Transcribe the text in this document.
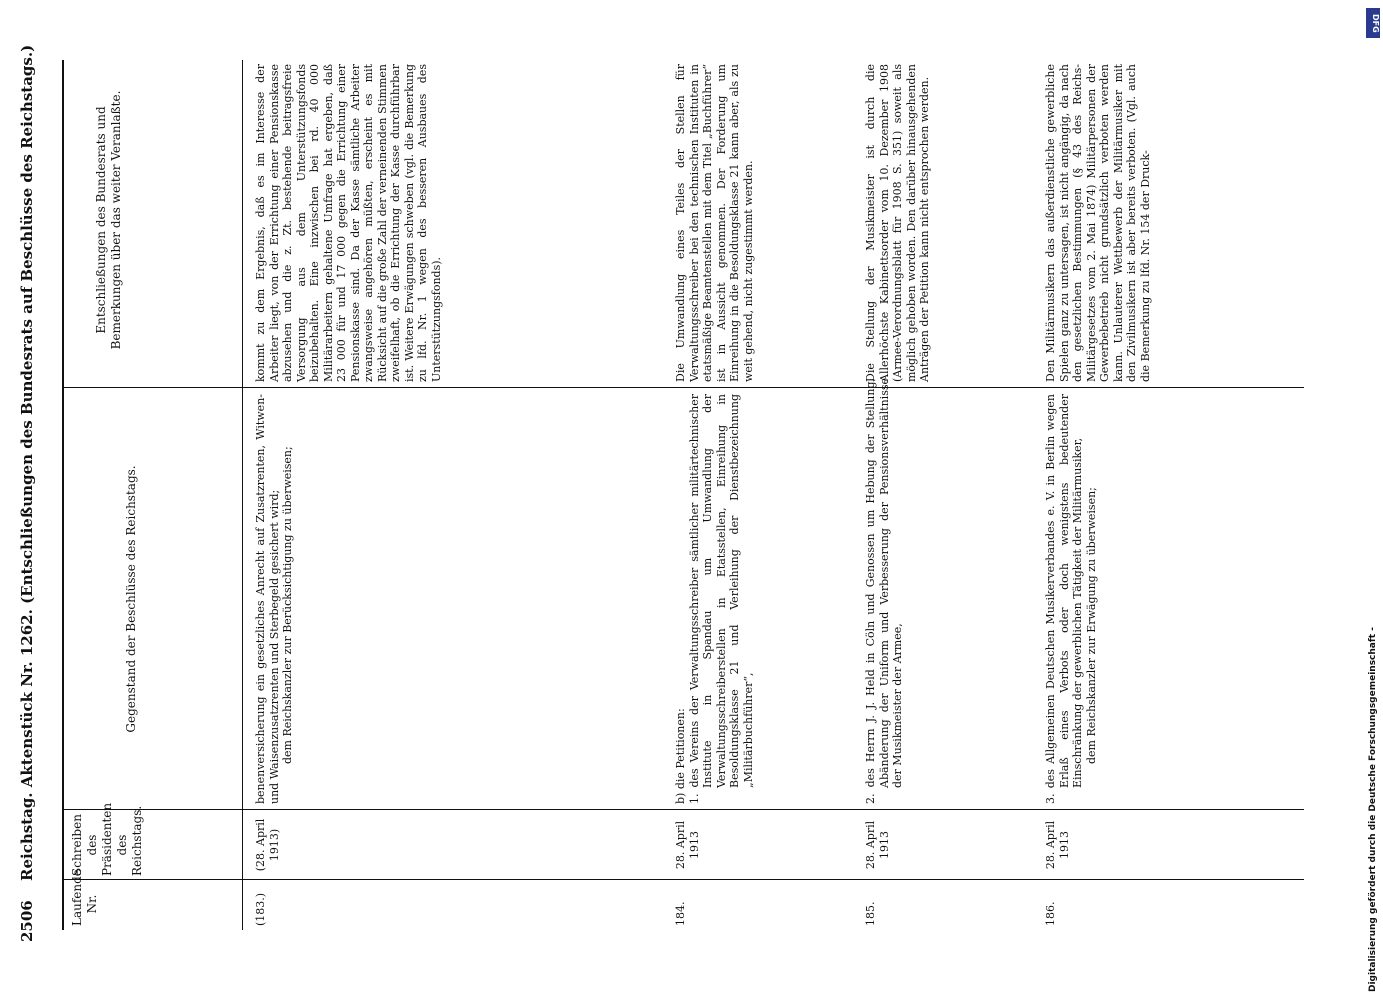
2506 Reichstag. Aktenstück Nr. 1262. (Entschließungen des Bundesrats auf Beschlüsse des Reichstags.)
Laufende Nr.
Schreiben des Präsidenten des Reichstags.
Gegenstand der Beschlüsse des Reichstags.
Entschließungen des Bundesrats und Bemerkungen über das weiter Veranlaßte.
(183.)
(28. April 1913)
benenversicherung ein gesetzliches Anrecht auf Zusatzrenten, Witwen- und Waisenzusatzrenten und Sterbegeld gesichert wird; dem Reichskanzler zur Berücksichtigung zu überweisen;
kommt zu dem Ergebnis, daß es im Interesse der Arbeiter liegt, von der Errichtung einer Pensionskasse abzusehen und die z. Zt. bestehende beitragsfreie Versorgung aus dem Unterstützungsfonds beizubehalten. Eine inzwischen bei rd. 40 000 Militärarbeitern gehaltene Umfrage hat ergeben, daß 23 000 für und 17 000 gegen die Errichtung einer Pensionskasse sind. Da der Kasse sämtliche Arbeiter zwangsweise angehören müßten, erscheint es mit Rücksicht auf die große Zahl der verneinenden Stimmen zweifelhaft, ob die Errichtung der Kasse durchführbar ist. Weitere Erwägungen schweben (vgl. die Bemerkung zu lfd. Nr. 1 wegen des besseren Ausbaues des Unterstützungsfonds).
184.
28. April 1913
b) die Petitionen: 1. des Vereins der Verwaltungsschreiber sämtlicher militärtechnischer Institute in Spandau um Umwandlung der Verwaltungsschreiberstellen in Etatsstellen, Einreihung in Besoldungsklasse 21 und Verleihung der Dienstbezeichnung „Militärbuchführer“,
Die Umwandlung eines Teiles der Stellen für Verwaltungsschreiber bei den technischen Instituten in etatsmäßige Beamtenstellen mit dem Titel „Buchführer“ ist in Aussicht genommen. Der Forderung um Einreihung in die Besoldungsklasse 21 kann aber, als zu weit gehend, nicht zugestimmt werden.
185.
28. April 1913
2. des Herrn J. J. Held in Cöln und Genossen um Hebung der Stellung, Abänderung der Uniform und Verbesserung der Pensionsverhältnisse der Musikmeister der Armee,
Die Stellung der Musikmeister ist durch die Allerhöchste Kabinettsorder vom 10. Dezember 1908 (Armee-Verordnungsblatt für 1908 S. 351) soweit als möglich gehoben worden. Den darüber hinausgehenden Anträgen der Petition kann nicht entsprochen werden.
186.
28. April 1913
3. des Allgemeinen Deutschen Musikerverbandes e. V. in Berlin wegen Erlaß eines Verbots oder doch wenigstens bedeutender Einschränkung der gewerblichen Tätigkeit der Militärmusiker, dem Reichskanzler zur Erwägung zu überweisen;
Den Militärmusikern das außerdienstliche gewerbliche Spielen ganz zu untersagen, ist nicht angängig, da nach den gesetzlichen Bestimmungen (§ 43 des Reichs-Militärgesetzes vom 2. Mai 1874) Militärpersonen der Gewerbebetrieb nicht grundsätzlich verboten werden kann. Unlauterer Wettbewerb der Militärmusiker mit den Zivilmusikern ist aber bereits verboten. (Vgl. auch die Bemerkung zu lfd. Nr. 154 der Druck-
DFG
Digitalisierung gefördert durch die Deutsche Forschungsgemeinschaft -
